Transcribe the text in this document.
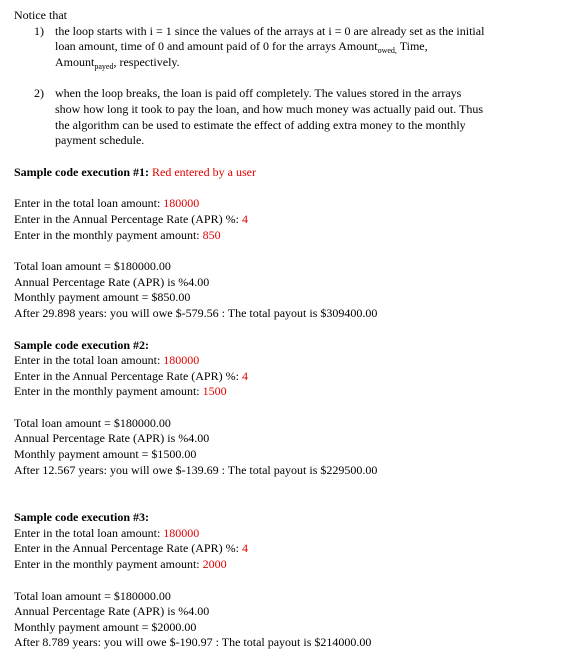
Notice that
1) the loop starts with i = 1 since the values of the arrays at i = 0 are already set as the initial
loan amount, time of 0 and amount paid of 0 for the arrays Amount$_{owed,}$ Time,
Amount$_{payed}$, respectively.
2) when the loop breaks, the loan is paid off completely. The values stored in the arrays
show how long it took to pay the loan, and how much money was actually paid out. Thus
the algorithm can be used to estimate the effect of adding extra money to the monthly
payment schedule.
Sample code execution #1: Red entered by a user
Enter in the total loan amount: 180000
Enter in the Annual Percentage Rate (APR) %: 4
Enter in the monthly payment amount: 850
Total loan amount = $180000.00
Annual Percentage Rate (APR) is %4.00
Monthly payment amount = $850.00
After 29.898 years: you will owe $-579.56 : The total payout is $309400.00
Sample code execution #2:
Enter in the total loan amount: 180000
Enter in the Annual Percentage Rate (APR) %: 4
Enter in the monthly payment amount: 1500
Total loan amount = $180000.00
Annual Percentage Rate (APR) is %4.00
Monthly payment amount = $1500.00
After 12.567 years: you will owe $-139.69 : The total payout is $229500.00
Sample code execution #3:
Enter in the total loan amount: 180000
Enter in the Annual Percentage Rate (APR) %: 4
Enter in the monthly payment amount: 2000
Total loan amount = $180000.00
Annual Percentage Rate (APR) is %4.00
Monthly payment amount = $2000.00
After 8.789 years: you will owe $-190.97 : The total payout is $214000.00
